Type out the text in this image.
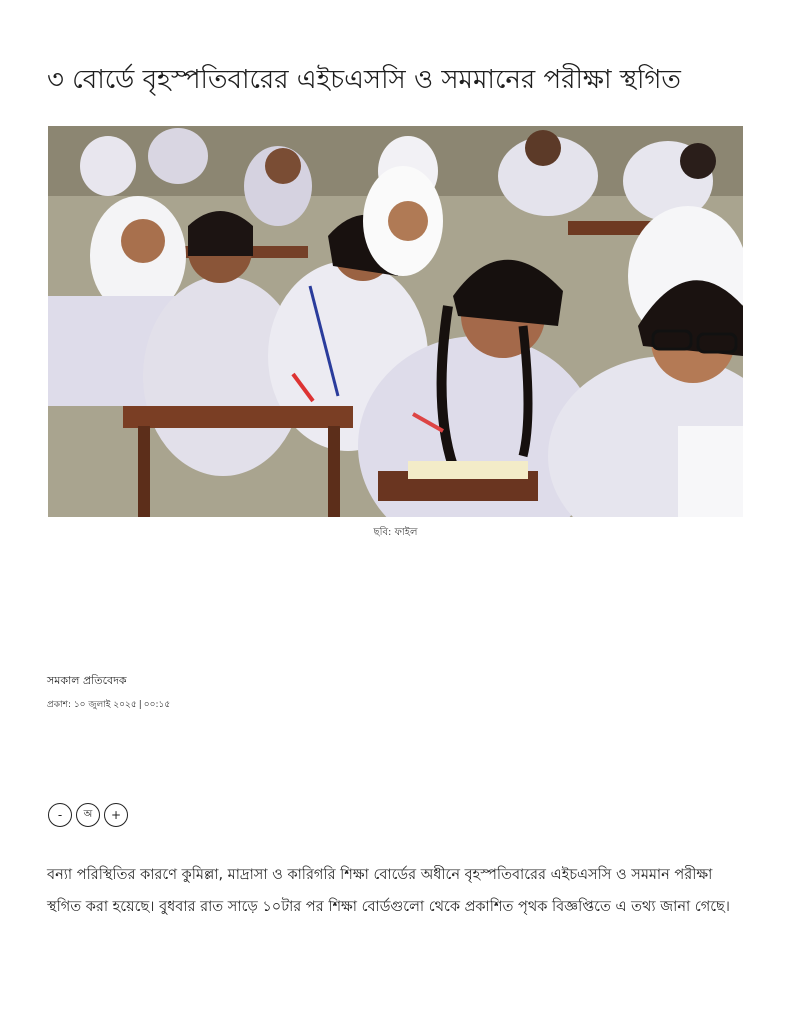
৩ বোর্ডে বৃহস্পতিবারের এইচএসসি ও সমমানের পরীক্ষা স্থগিত
ছবি: ফাইল
সমকাল প্রতিবেদক
প্রকাশ: ১০ জুলাই ২০২৫ | ০০:১৫
-	অ	+

বন্যা পরিস্থিতির কারণে কুমিল্লা, মাদ্রাসা ও কারিগরি শিক্ষা বোর্ডের অধীনে বৃহস্পতিবারের এইচএসসি ও সমমান পরীক্ষা স্থগিত করা হয়েছে। বুধবার রাত সাড়ে ১০টার পর শিক্ষা বোর্ডগুলো থেকে প্রকাশিত পৃথক বিজ্ঞপ্তিতে এ তথ্য জানা গেছে।
